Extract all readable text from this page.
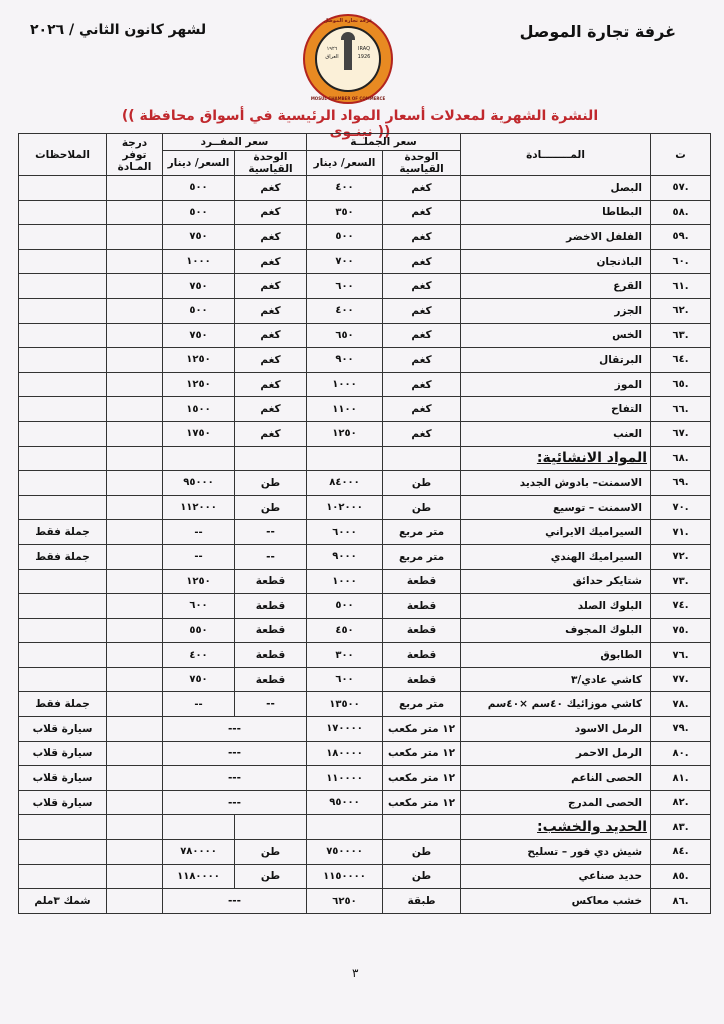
غرفة تجارة الموصل
لشهر كانون الثاني / ٢٠٢٦
غرفة تجارة الموصل
MOSUL CHAMBER OF COMMERCE
١٩٢٦
العراق
IRAQ
1926
(( النشرة الشهرية لمعدلات أسعار المواد الرئيسية في أسواق محافظة نينـوى ))
ت	المــــــــادة	سعر الجملــة		سعر المفــرد		درجة توفر المـادة	الملاحظات
		الوحدة القياسية	السعر/ دينار	الوحدة القياسية	السعر/ دينار		
.٥٧	البصل	كغم	٤٠٠	كغم	٥٠٠		
.٥٨	البطاطا	كغم	٣٥٠	كغم	٥٠٠		
.٥٩	الفلفل الاخضر	كغم	٥٠٠	كغم	٧٥٠		
.٦٠	الباذنجان	كغم	٧٠٠	كغم	١٠٠٠		
.٦١	القرع	كغم	٦٠٠	كغم	٧٥٠		
.٦٢	الجزر	كغم	٤٠٠	كغم	٥٠٠		
.٦٣	الخس	كغم	٦٥٠	كغم	٧٥٠		
.٦٤	البرتقال	كغم	٩٠٠	كغم	١٢٥٠		
.٦٥	الموز	كغم	١٠٠٠	كغم	١٢٥٠		
.٦٦	التفاح	كغم	١١٠٠	كغم	١٥٠٠		
.٦٧	العنب	كغم	١٢٥٠	كغم	١٧٥٠		
.٦٨	المواد الانشائية:						
.٦٩	الاسمنت– بادوش الجديد	طن	٨٤٠٠٠	طن	٩٥٠٠٠		
.٧٠	الاسمنت – توسيع	طن	١٠٢٠٠٠	طن	١١٢٠٠٠		
.٧١	السيراميك الايراني	متر مربع	٦٠٠٠	--	--		جملة فقط
.٧٢	السيراميك الهندي	متر مربع	٩٠٠٠	--	--		جملة فقط
.٧٣	شتايكر حدائق	قطعة	١٠٠٠	قطعة	١٢٥٠		
.٧٤	البلوك الصلد	قطعة	٥٠٠	قطعة	٦٠٠		
.٧٥	البلوك المجوف	قطعة	٤٥٠	قطعة	٥٥٠		
.٧٦	الطابوق	قطعة	٣٠٠	قطعة	٤٠٠		
.٧٧	كاشي عادي/٣	قطعة	٦٠٠	قطعة	٧٥٠		
.٧٨	كاشي موزائيك ٤٠سم ×٤٠سم	متر مربع	١٣٥٠٠	--	--		جملة فقط
.٧٩	الرمل الاسود	١٢ متر مكعب	١٧٠٠٠٠	---			سيارة قلاب
.٨٠	الرمل الاحمر	١٢ متر مكعب	١٨٠٠٠٠	---			سيارة قلاب
.٨١	الحصى الناعم	١٢ متر مكعب	١١٠٠٠٠	---			سيارة قلاب
.٨٢	الحصى المدرج	١٢ متر مكعب	٩٥٠٠٠	---			سيارة قلاب
.٨٣	الحديد والخشب:						
.٨٤	شيش دي فور – تسليح	طن	٧٥٠٠٠٠	طن	٧٨٠٠٠٠		
.٨٥	حديد صناعي	طن	١١٥٠٠٠٠	طن	١١٨٠٠٠٠		
.٨٦	خشب معاكس	طبقة	٦٢٥٠	---			شمك ٣ملم
٣
